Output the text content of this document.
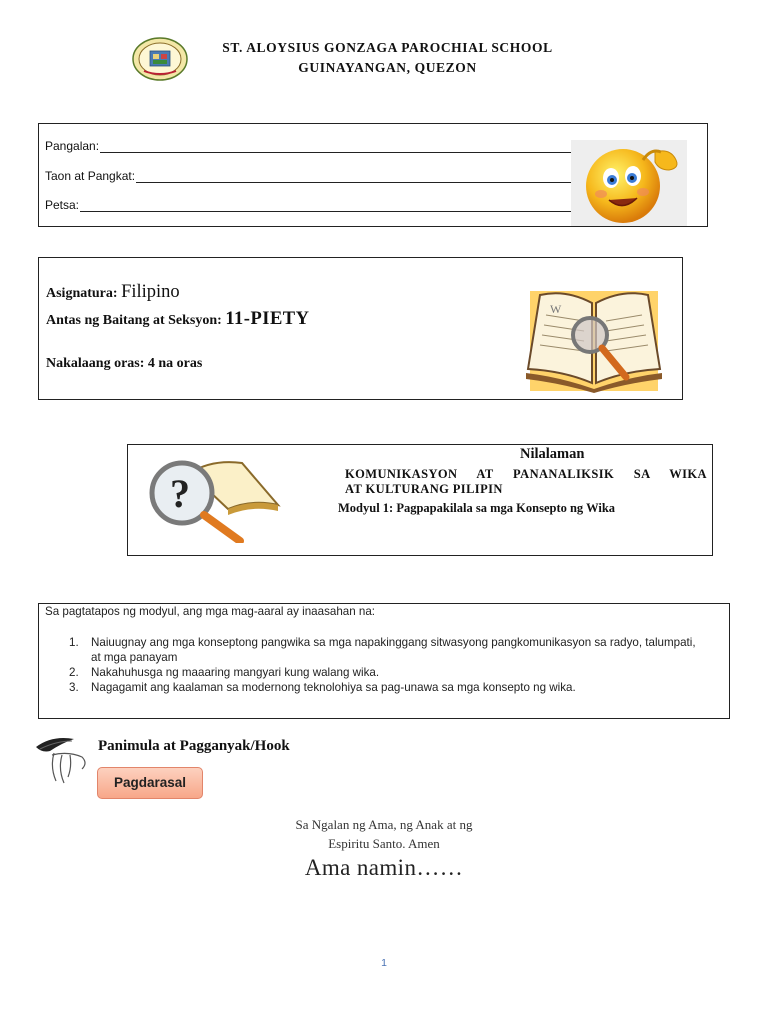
ST. ALOYSIUS GONZAGA PAROCHIAL SCHOOL
GUINAYANGAN, QUEZON
Pangalan:
Taon at Pangkat:
Petsa:
Asignatura: Filipino
Antas ng Baitang at Seksyon: 11-PIETY
Nakalaang oras: 4 na oras
W
?
Nilalaman
KOMUNIKASYON AT PANANALIKSIK SA WIKA
AT KULTURANG PILIPIN
Modyul 1: Pagpapakilala sa mga Konsepto ng Wika
Sa pagtatapos ng modyul, ang mga mag-aaral ay inaasahan na:
1. Naiuugnay ang mga konseptong pangwika sa mga napakinggang sitwasyong pangkomunikasyon sa radyo, talumpati, at mga panayam
2. Nakahuhusga ng maaaring mangyari kung walang wika.
3. Nagagamit ang kaalaman sa modernong teknolohiya sa pag-unawa sa mga konsepto ng wika.
Panimula at Pagganyak/Hook
Pagdarasal
Sa Ngalan ng Ama, ng Anak at ng
Espiritu Santo. Amen
Ama namin……
1
